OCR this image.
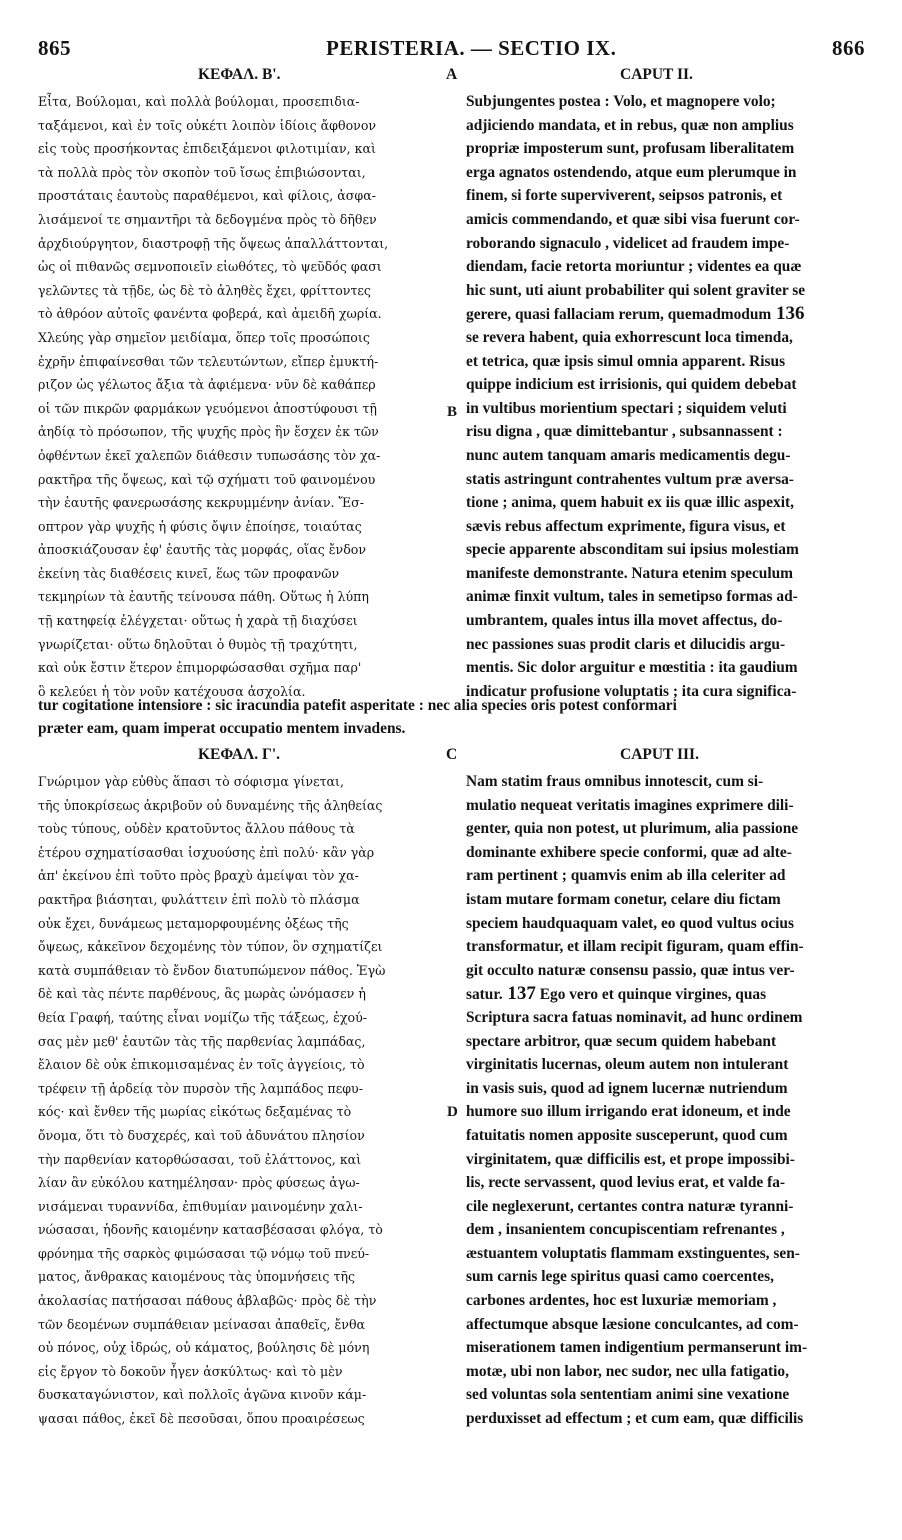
865	PERISTERIA. — SECTIO IX.	866
ΚΕΦΑΛ. Β'.	A	CAPUT II.
Εἶτα, Βούλομαι, καὶ πολλὰ βούλομαι, προσεπιδια-
ταξάμενοι, καὶ ἐν τοῖς οὐκέτι λοιπὸν ἰδίοις ἄφθονον
εἰς τοὺς προσήκοντας ἐπιδειξάμενοι φιλοτιμίαν, καὶ
τὰ πολλὰ πρὸς τὸν σκοπὸν τοῦ ἴσως ἐπιβιώσονται,
προστάταις ἑαυτοὺς παραθέμενοι, καὶ φίλοις, ἀσφα-
λισάμενοί τε σημαντῆρι τὰ δεδογμένα πρὸς τὸ δῆθεν
ἀρχδιούργητον, διαστροφῇ τῆς ὄψεως ἀπαλλάττονται,
ὡς οἱ πιθανῶς σεμνοποιεῖν εἰωθότες, τὸ ψεῦδός φασι
γελῶντες τὰ τῇδε, ὡς δὲ τὸ ἀληθὲς ἔχει, φρίττοντες
τὸ ἀθρόον αὐτοῖς φανέντα φοβερά, καὶ ἀμειδῆ χωρία.
Χλεύης γὰρ σημεῖον μειδίαμα, ὅπερ τοῖς προσώποις
ἐχρῆν ἐπιφαίνεσθαι τῶν τελευτώντων, εἴπερ ἐμυκτή-
ριζον ὡς γέλωτος ἄξια τὰ ἀφιέμενα· νῦν δὲ καθάπερ
οἱ τῶν πικρῶν φαρμάκων γευόμενοι ἀποστύφουσι τῇ
ἀηδίᾳ τὸ πρόσωπον, τῆς ψυχῆς πρὸς ἣν ἔσχεν ἐκ τῶν
ὀφθέντων ἐκεῖ χαλεπῶν διάθεσιν τυπωσάσης τὸν χα-
ρακτῆρα τῆς ὄψεως, καὶ τῷ σχήματι τοῦ φαινομένου
τὴν ἑαυτῆς φανερωσάσης κεκρυμμένην ἀνίαν. Ἔσ-
οπτρον γὰρ ψυχῆς ἡ φύσις ὄψιν ἐποίησε, τοιαύτας
ἀποσκιάζουσαν ἐφ' ἑαυτῆς τὰς μορφάς, οἵας ἔνδον
ἐκείνη τὰς διαθέσεις κινεῖ, ἕως τῶν προφανῶν
τεκμηρίων τὰ ἑαυτῆς τείνουσα πάθη. Οὕτως ἡ λύπη
τῇ κατηφείᾳ ἐλέγχεται· οὕτως ἡ χαρὰ τῇ διαχύσει
γνωρίζεται· οὕτω δηλοῦται ὁ θυμὸς τῇ τραχύτητι,
καὶ οὐκ ἔστιν ἕτερον ἐπιμορφώσασθαι σχῆμα παρ'
ὃ κελεύει ἡ τὸν νοῦν κατέχουσα ἀσχολία.
Subjungentes postea : Volo, et magnopere volo;
adjiciendo mandata, et in rebus, quæ non amplius
propriæ imposterum sunt, profusam liberalitatem
erga agnatos ostendendo, atque eum plerumque in
finem, si forte superviverent, seipsos patronis, et
amicis commendando, et quæ sibi visa fuerunt cor-
roborando signaculo , videlicet ad fraudem impe-
diendam, facie retorta moriuntur ; videntes ea quæ
hic sunt, uti aiunt probabiliter qui solent graviter se
gerere, quasi fallaciam rerum, quemadmodum 136
se revera habent, quia exhorrescunt loca timenda,
et tetrica, quæ ipsis simul omnia apparent. Risus
quippe indicium est irrisionis, qui quidem debebat
in vultibus morientium spectari ; siquidem veluti
risu digna , quæ dimittebantur , subsannassent :
nunc autem tanquam amaris medicamentis degu-
statis astringunt contrahentes vultum præ aversa-
tione ; anima, quem habuit ex iis quæ illic aspexit,
sævis rebus affectum exprimente, figura visus, et
specie apparente absconditam sui ipsius molestiam
manifeste demonstrante. Natura etenim speculum
animæ finxit vultum, tales in semetipso formas ad-
umbrantem, quales intus illa movet affectus, do-
nec passiones suas prodit claris et dilucidis argu-
mentis. Sic dolor arguitur e mœstitia : ita gaudium
indicatur profusione voluptatis ; ita cura significa-
B
tur cogitatione intensiore : sic iracundia patefit asperitate : nec alia species oris potest conformari
præter eam, quam imperat occupatio mentem invadens.
ΚΕΦΑΛ. Γ'.	C	CAPUT III.
Γνώριμον γὰρ εὐθὺς ἅπασι τὸ σόφισμα γίνεται,
τῆς ὑποκρίσεως ἀκριβοῦν οὐ δυναμένης τῆς ἀληθείας
τοὺς τύπους, οὐδὲν κρατοῦντος ἄλλου πάθους τὰ
ἑτέρου σχηματίσασθαι ἰσχυούσης ἐπὶ πολύ· κἂν γὰρ
ἀπ' ἐκείνου ἐπὶ τοῦτο πρὸς βραχὺ ἀμείψαι τὸν χα-
ρακτῆρα βιάσηται, φυλάττειν ἐπὶ πολὺ τὸ πλάσμα
οὐκ ἔχει, δυνάμεως μεταμορφουμένης ὀξέως τῆς
ὄψεως, κἀκεῖνον δεχομένης τὸν τύπον, ὃν σχηματίζει
κατὰ συμπάθειαν τὸ ἔνδον διατυπώμενον πάθος. Ἐγὼ
δὲ καὶ τὰς πέντε παρθένους, ἃς μωρὰς ὠνόμασεν ἡ
θεία Γραφή, ταύτης εἶναι νομίζω τῆς τάξεως, ἐχού-
σας μὲν μεθ' ἑαυτῶν τὰς τῆς παρθενίας λαμπάδας,
ἔλαιον δὲ οὐκ ἐπικομισαμένας ἐν τοῖς ἀγγείοις, τὸ
τρέφειν τῇ ἀρδείᾳ τὸν πυρσὸν τῆς λαμπάδος πεφυ-
κός· καὶ ἔνθεν τῆς μωρίας εἰκότως δεξαμένας τὸ
ὄνομα, ὅτι τὸ δυσχερές, καὶ τοῦ ἀδυνάτου πλησίον
τὴν παρθενίαν κατορθώσασαι, τοῦ ἐλάττονος, καὶ
λίαν ἂν εὐκόλου κατημέλησαν· πρὸς φύσεως ἀγω-
νισάμεναι τυραννίδα, ἐπιθυμίαν μαινομένην χαλι-
νώσασαι, ἡδονῆς καιομένην κατασβέσασαι φλόγα, τὸ
φρόνημα τῆς σαρκὸς φιμώσασαι τῷ νόμῳ τοῦ πνεύ-
ματος, ἄνθρακας καιομένους τὰς ὑπομνήσεις τῆς
ἀκολασίας πατήσασαι πάθους ἀβλαβῶς· πρὸς δὲ τὴν
τῶν δεομένων συμπάθειαν μείνασαι ἀπαθεῖς, ἔνθα
οὐ πόνος, οὐχ ἱδρώς, οὐ κάματος, βούλησις δὲ μόνη
εἰς ἔργον τὸ δοκοῦν ἦγεν ἀσκύλτως· καὶ τὸ μὲν
δυσκαταγώνιστον, καὶ πολλοῖς ἀγῶνα κινοῦν κάμ-
ψασαι πάθος, ἐκεῖ δὲ πεσοῦσαι, ὅπου προαιρέσεως
Nam statim fraus omnibus innotescit, cum si-
mulatio nequeat veritatis imagines exprimere dili-
genter, quia non potest, ut plurimum, alia passione
dominante exhibere specie conformi, quæ ad alte-
ram pertinent ; quamvis enim ab illa celeriter ad
istam mutare formam conetur, celare diu fictam
speciem haudquaquam valet, eo quod vultus ocius
transformatur, et illam recipit figuram, quam effin-
git occulto naturæ consensu passio, quæ intus ver-
satur. 137 Ego vero et quinque virgines, quas
Scriptura sacra fatuas nominavit, ad hunc ordinem
spectare arbitror, quæ secum quidem habebant
virginitatis lucernas, oleum autem non intulerant
in vasis suis, quod ad ignem lucernæ nutriendum
humore suo illum irrigando erat idoneum, et inde
fatuitatis nomen apposite susceperunt, quod cum
virginitatem, quæ difficilis est, et prope impossibi-
lis, recte servassent, quod levius erat, et valde fa-
cile neglexerunt, certantes contra naturæ tyranni-
dem , insanientem concupiscentiam refrenantes ,
æstuantem voluptatis flammam exstinguentes, sen-
sum carnis lege spiritus quasi camo coercentes,
carbones ardentes, hoc est luxuriæ memoriam ,
affectumque absque læsione conculcantes, ad com-
miserationem tamen indigentium permanserunt im-
motæ, ubi non labor, nec sudor, nec ulla fatigatio,
sed voluntas sola sententiam animi sine vexatione
perduxisset ad effectum ; et cum eam, quæ difficilis
D
